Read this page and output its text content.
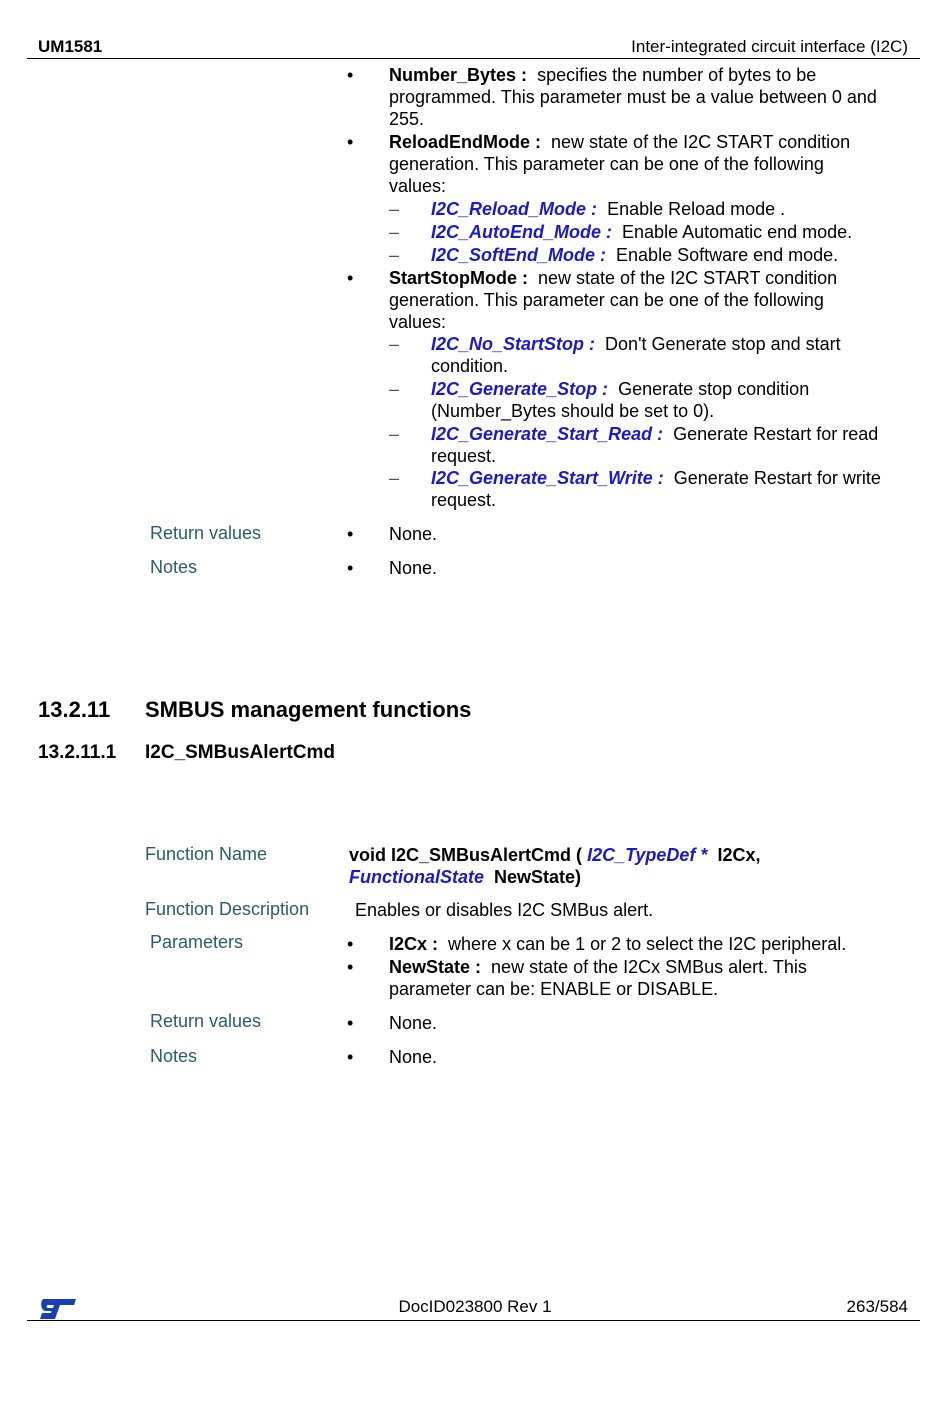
UM1581	Inter-integrated circuit interface (I2C)
• Number_Bytes : specifies the number of bytes to be
programmed. This parameter must be a value between 0 and
255.
• ReloadEndMode : new state of the I2C START condition
generation. This parameter can be one of the following
values:
– I2C_Reload_Mode : Enable Reload mode .
– I2C_AutoEnd_Mode : Enable Automatic end mode.
– I2C_SoftEnd_Mode : Enable Software end mode.
• StartStopMode : new state of the I2C START condition
generation. This parameter can be one of the following
values:
– I2C_No_StartStop : Don't Generate stop and start
condition.
– I2C_Generate_Stop : Generate stop condition
(Number_Bytes should be set to 0).
– I2C_Generate_Start_Read : Generate Restart for read
request.
– I2C_Generate_Start_Write : Generate Restart for write
request.
Return values	• None.
Notes	• None.
13.2.11 SMBUS management functions
13.2.11.1 I2C_SMBusAlertCmd
Function Name	void I2C_SMBusAlertCmd ( I2C_TypeDef * I2Cx,
FunctionalState NewState)
Function Description	Enables or disables I2C SMBus alert.
Parameters	• I2Cx : where x can be 1 or 2 to select the I2C peripheral.
• NewState : new state of the I2Cx SMBus alert. This
parameter can be: ENABLE or DISABLE.
Return values	• None.
Notes	• None.
DocID023800 Rev 1	263/584
